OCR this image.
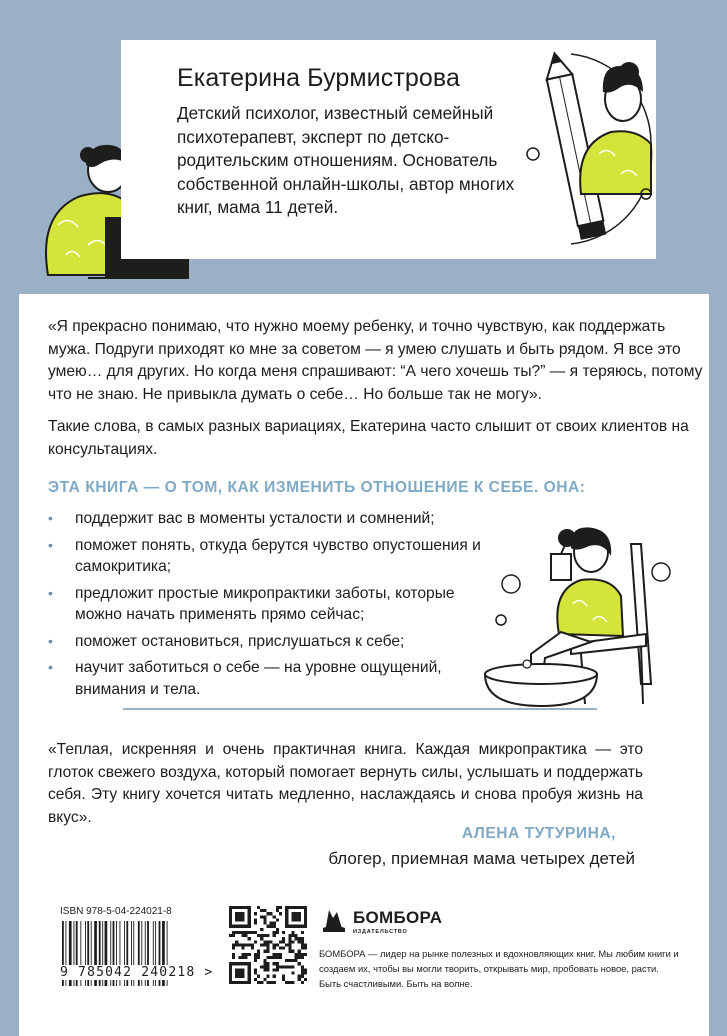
Екатерина Бурмистрова
Детский психолог, известный семейный психотерапевт, эксперт по детско-родительским отношениям. Основатель собственной онлайн-школы, автор многих книг, мама 11 детей.
«Я прекрасно понимаю, что нужно моему ребенку, и точно чувствую, как поддержать мужа. Подруги приходят ко мне за советом — я умею слушать и быть рядом. Я все это умею… для других. Но когда меня спрашивают: “А чего хочешь ты?” — я теряюсь, потому что не знаю. Не привыкла думать о себе… Но больше так не могу».
Такие слова, в самых разных вариациях, Екатерина часто слышит от своих клиентов на консультациях.
ЭТА КНИГА — О ТОМ, КАК ИЗМЕНИТЬ ОТНОШЕНИЕ К СЕБЕ. ОНА:
•	поддержит вас в моменты усталости и сомнений;
•	поможет понять, откуда берутся чувство опустошения и самокритика;
•	предложит простые микропрактики заботы, которые можно начать применять прямо сейчас;
•	поможет остановиться, прислушаться к себе;
•	научит заботиться о себе — на уровне ощущений, внимания и тела.
«Теплая, искренняя и очень практичная книга. Каждая микропрактика — это глоток свежего воздуха, который помогает вернуть силы, услышать и поддержать себя. Эту книгу хочется читать медленно, наслаждаясь и снова пробуя жизнь на вкус».
АЛЕНА ТУТУРИНА,
блогер, приемная мама четырех детей
ISBN 978-5-04-224021-8
9 785042 240218 >
БОМБОРА
ИЗДАТЕЛЬСТВО
БОМБОРА — лидер на рынке полезных и вдохновляющих книг. Мы любим книги и создаем их, чтобы вы могли творить, открывать мир, пробовать новое, расти. Быть счастливыми. Быть на волне.
